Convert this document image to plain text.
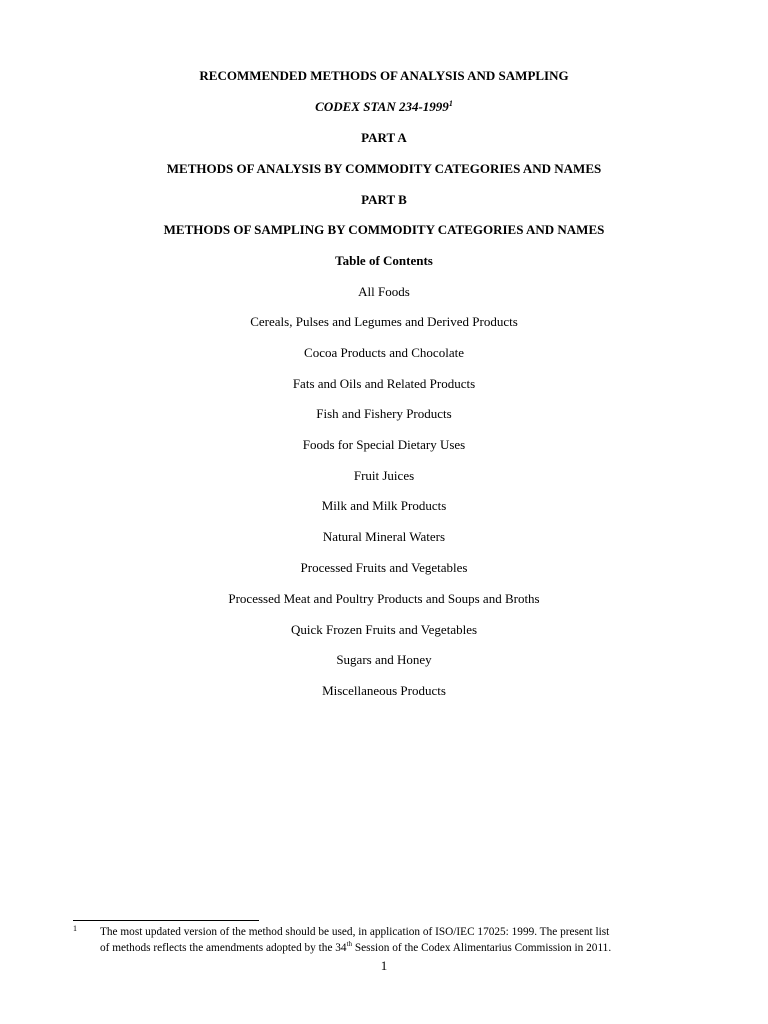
RECOMMENDED METHODS OF ANALYSIS AND SAMPLING
CODEX STAN 234-1999$^1$
PART A
METHODS OF ANALYSIS BY COMMODITY CATEGORIES AND NAMES
PART B
METHODS OF SAMPLING BY COMMODITY CATEGORIES AND NAMES
Table of Contents
All Foods
Cereals, Pulses and Legumes and Derived Products
Cocoa Products and Chocolate
Fats and Oils and Related Products
Fish and Fishery Products
Foods for Special Dietary Uses
Fruit Juices
Milk and Milk Products
Natural Mineral Waters
Processed Fruits and Vegetables
Processed Meat and Poultry Products and Soups and Broths
Quick Frozen Fruits and Vegetables
Sugars and Honey
Miscellaneous Products
1 The most updated version of the method should be used, in application of ISO/IEC 17025: 1999. The present list
of methods reflects the amendments adopted by the 34th Session of the Codex Alimentarius Commission in 2011.
1
